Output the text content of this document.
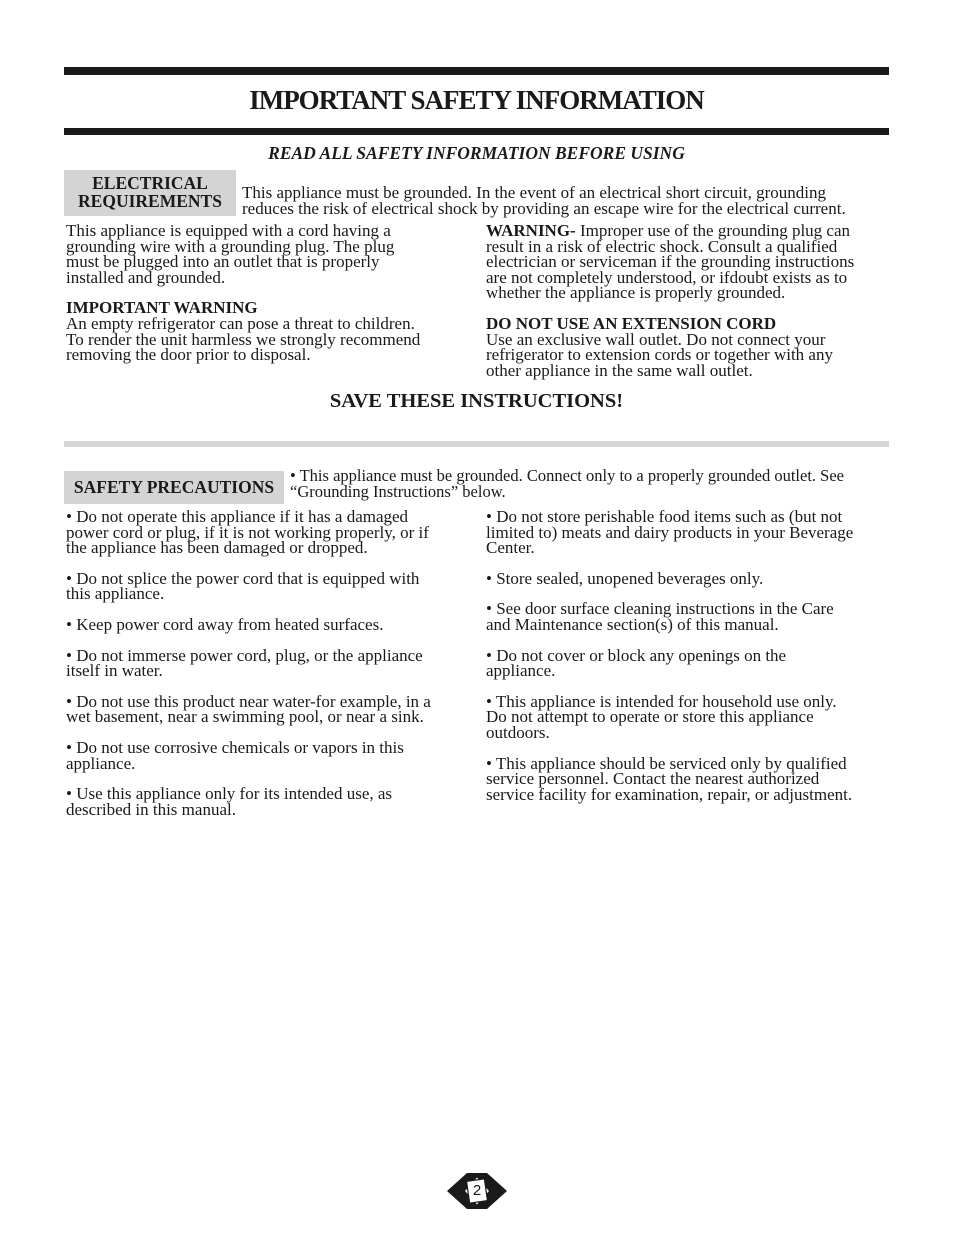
IMPORTANT SAFETY INFORMATION
READ ALL SAFETY INFORMATION BEFORE USING
ELECTRICAL
REQUIREMENTS	This appliance must be grounded. In the event of an electrical short circuit, grounding

reduces the risk of electrical shock by providing an escape wire for the electrical current.

This appliance is equipped with a cord having a

grounding wire with a grounding plug. The plug

must be plugged into an outlet that is properly

installed and grounded.

IMPORTANT WARNING

An empty refrigerator can pose a threat to children.

To render the unit harmless we strongly recommend

removing the door prior to disposal.

WARNING- Improper use of the grounding plug can

result in a risk of electric shock. Consult a qualified

electrician or serviceman if the grounding instructions

are not completely understood, or ifdoubt exists as to

whether the appliance is properly grounded.

DO NOT USE AN EXTENSION CORD

Use an exclusive wall outlet. Do not connect your

refrigerator to extension cords or together with any

other appliance in the same wall outlet.

SAVE THESE INSTRUCTIONS!
SAFETY PRECAUTIONS

• This appliance must be grounded. Connect only to a properly grounded outlet. See

“Grounding Instructions” below.

• Do not operate this appliance if it has a damaged

power cord or plug, if it is not working properly, or if

the appliance has been damaged or dropped.

• Do not splice the power cord that is equipped with

this appliance.

• Keep power cord away from heated surfaces.

• Do not immerse power cord, plug, or the appliance

itself in water.

• Do not use this product near water-for example, in a

wet basement, near a swimming pool, or near a sink.

• Do not use corrosive chemicals or vapors in this

appliance.

• Use this appliance only for its intended use, as

described in this manual.

• Do not store perishable food items such as (but not

limited to) meats and dairy products in your Beverage

Center.

• Store sealed, unopened beverages only.

• See door surface cleaning instructions in the Care

and Maintenance section(s) of this manual.

• Do not cover or block any openings on the

appliance.

• This appliance is intended for household use only.

Do not attempt to operate or store this appliance

outdoors.

• This appliance should be serviced only by qualified

service personnel. Contact the nearest authorized

service facility for examination, repair, or adjustment.

2
